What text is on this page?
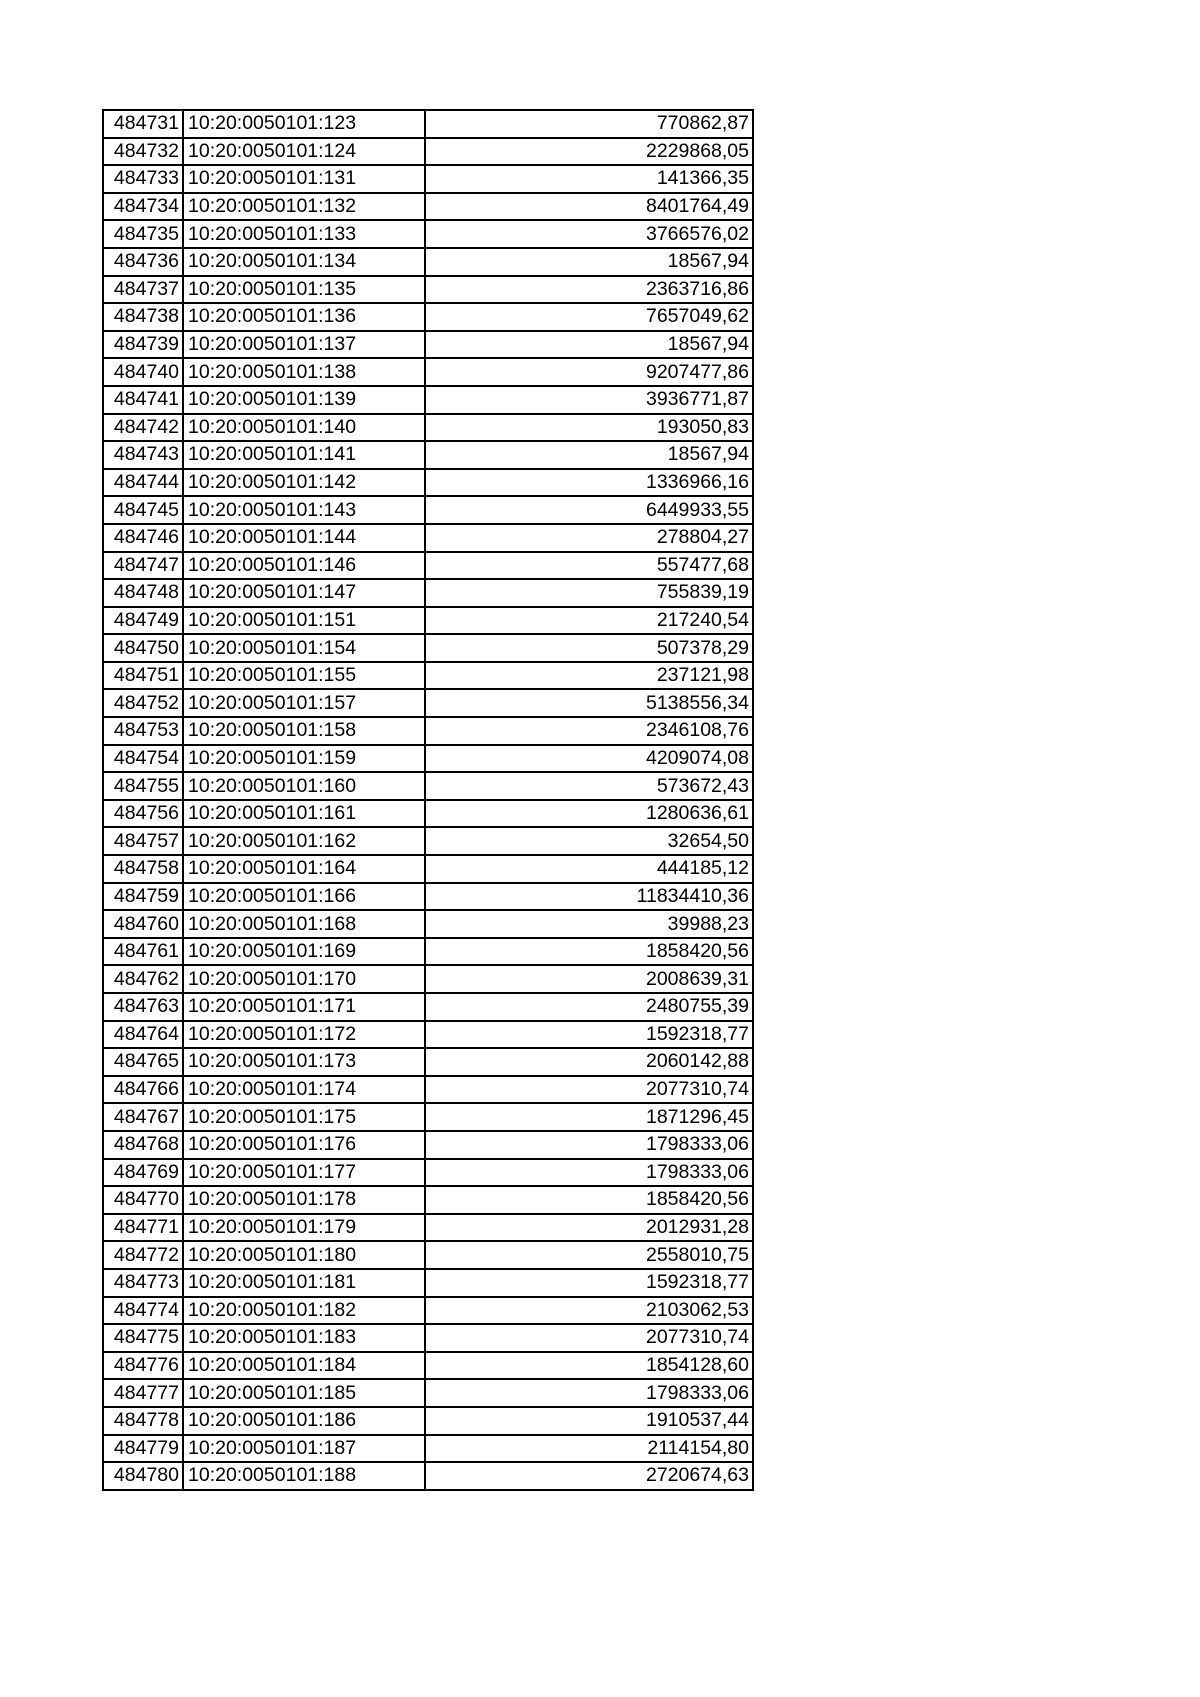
484731	10:20:0050101:123	770862,87
484732	10:20:0050101:124	2229868,05
484733	10:20:0050101:131	141366,35
484734	10:20:0050101:132	8401764,49
484735	10:20:0050101:133	3766576,02
484736	10:20:0050101:134	18567,94
484737	10:20:0050101:135	2363716,86
484738	10:20:0050101:136	7657049,62
484739	10:20:0050101:137	18567,94
484740	10:20:0050101:138	9207477,86
484741	10:20:0050101:139	3936771,87
484742	10:20:0050101:140	193050,83
484743	10:20:0050101:141	18567,94
484744	10:20:0050101:142	1336966,16
484745	10:20:0050101:143	6449933,55
484746	10:20:0050101:144	278804,27
484747	10:20:0050101:146	557477,68
484748	10:20:0050101:147	755839,19
484749	10:20:0050101:151	217240,54
484750	10:20:0050101:154	507378,29
484751	10:20:0050101:155	237121,98
484752	10:20:0050101:157	5138556,34
484753	10:20:0050101:158	2346108,76
484754	10:20:0050101:159	4209074,08
484755	10:20:0050101:160	573672,43
484756	10:20:0050101:161	1280636,61
484757	10:20:0050101:162	32654,50
484758	10:20:0050101:164	444185,12
484759	10:20:0050101:166	11834410,36
484760	10:20:0050101:168	39988,23
484761	10:20:0050101:169	1858420,56
484762	10:20:0050101:170	2008639,31
484763	10:20:0050101:171	2480755,39
484764	10:20:0050101:172	1592318,77
484765	10:20:0050101:173	2060142,88
484766	10:20:0050101:174	2077310,74
484767	10:20:0050101:175	1871296,45
484768	10:20:0050101:176	1798333,06
484769	10:20:0050101:177	1798333,06
484770	10:20:0050101:178	1858420,56
484771	10:20:0050101:179	2012931,28
484772	10:20:0050101:180	2558010,75
484773	10:20:0050101:181	1592318,77
484774	10:20:0050101:182	2103062,53
484775	10:20:0050101:183	2077310,74
484776	10:20:0050101:184	1854128,60
484777	10:20:0050101:185	1798333,06
484778	10:20:0050101:186	1910537,44
484779	10:20:0050101:187	2114154,80
484780	10:20:0050101:188	2720674,63
